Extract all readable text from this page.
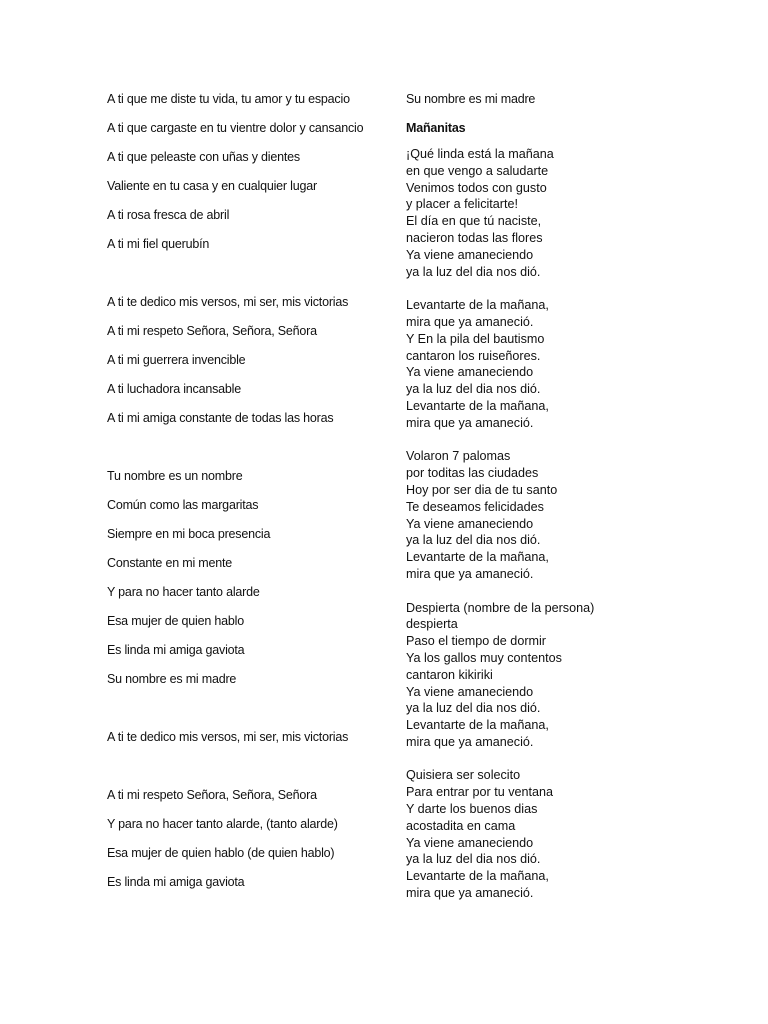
A ti que me diste tu vida, tu amor y tu espacio

A ti que cargaste en tu vientre dolor y cansancio

A ti que peleaste con uñas y dientes

Valiente en tu casa y en cualquier lugar

A ti rosa fresca de abril

A ti mi fiel querubín

A ti te dedico mis versos, mi ser, mis victorias

A ti mi respeto Señora, Señora, Señora

A ti mi guerrera invencible

A ti luchadora incansable

A ti mi amiga constante de todas las horas

Tu nombre es un nombre

Común como las margaritas

Siempre en mi boca presencia

Constante en mi mente

Y para no hacer tanto alarde

Esa mujer de quien hablo

Es linda mi amiga gaviota

Su nombre es mi madre

A ti te dedico mis versos, mi ser, mis victorias

A ti mi respeto Señora, Señora, Señora

Y para no hacer tanto alarde, (tanto alarde)

Esa mujer de quien hablo (de quien hablo)

Es linda mi amiga gaviota

Su nombre es mi madre

Mañanitas

¡Qué linda está la mañana
en que vengo a saludarte
Venimos todos con gusto
y placer a felicitarte!
El día en que tú naciste,
nacieron todas las flores
Ya viene amaneciendo
ya la luz del dia nos dió.
Levantarte de la mañana,
mira que ya amaneció.
Y En la pila del bautismo
cantaron los ruiseñores.
Ya viene amaneciendo
ya la luz del dia nos dió.
Levantarte de la mañana,
mira que ya amaneció.
Volaron 7 palomas
por toditas las ciudades
Hoy por ser dia de tu santo
Te deseamos felicidades
Ya viene amaneciendo
ya la luz del dia nos dió.
Levantarte de la mañana,
mira que ya amaneció.
Despierta (nombre de la persona)
despierta
Paso el tiempo de dormir
Ya los gallos muy contentos
cantaron kikiriki
Ya viene amaneciendo
ya la luz del dia nos dió.
Levantarte de la mañana,
mira que ya amaneció.
Quisiera ser solecito
Para entrar por tu ventana
Y darte los buenos dias
acostadita en cama
Ya viene amaneciendo
ya la luz del dia nos dió.
Levantarte de la mañana,
mira que ya amaneció.
